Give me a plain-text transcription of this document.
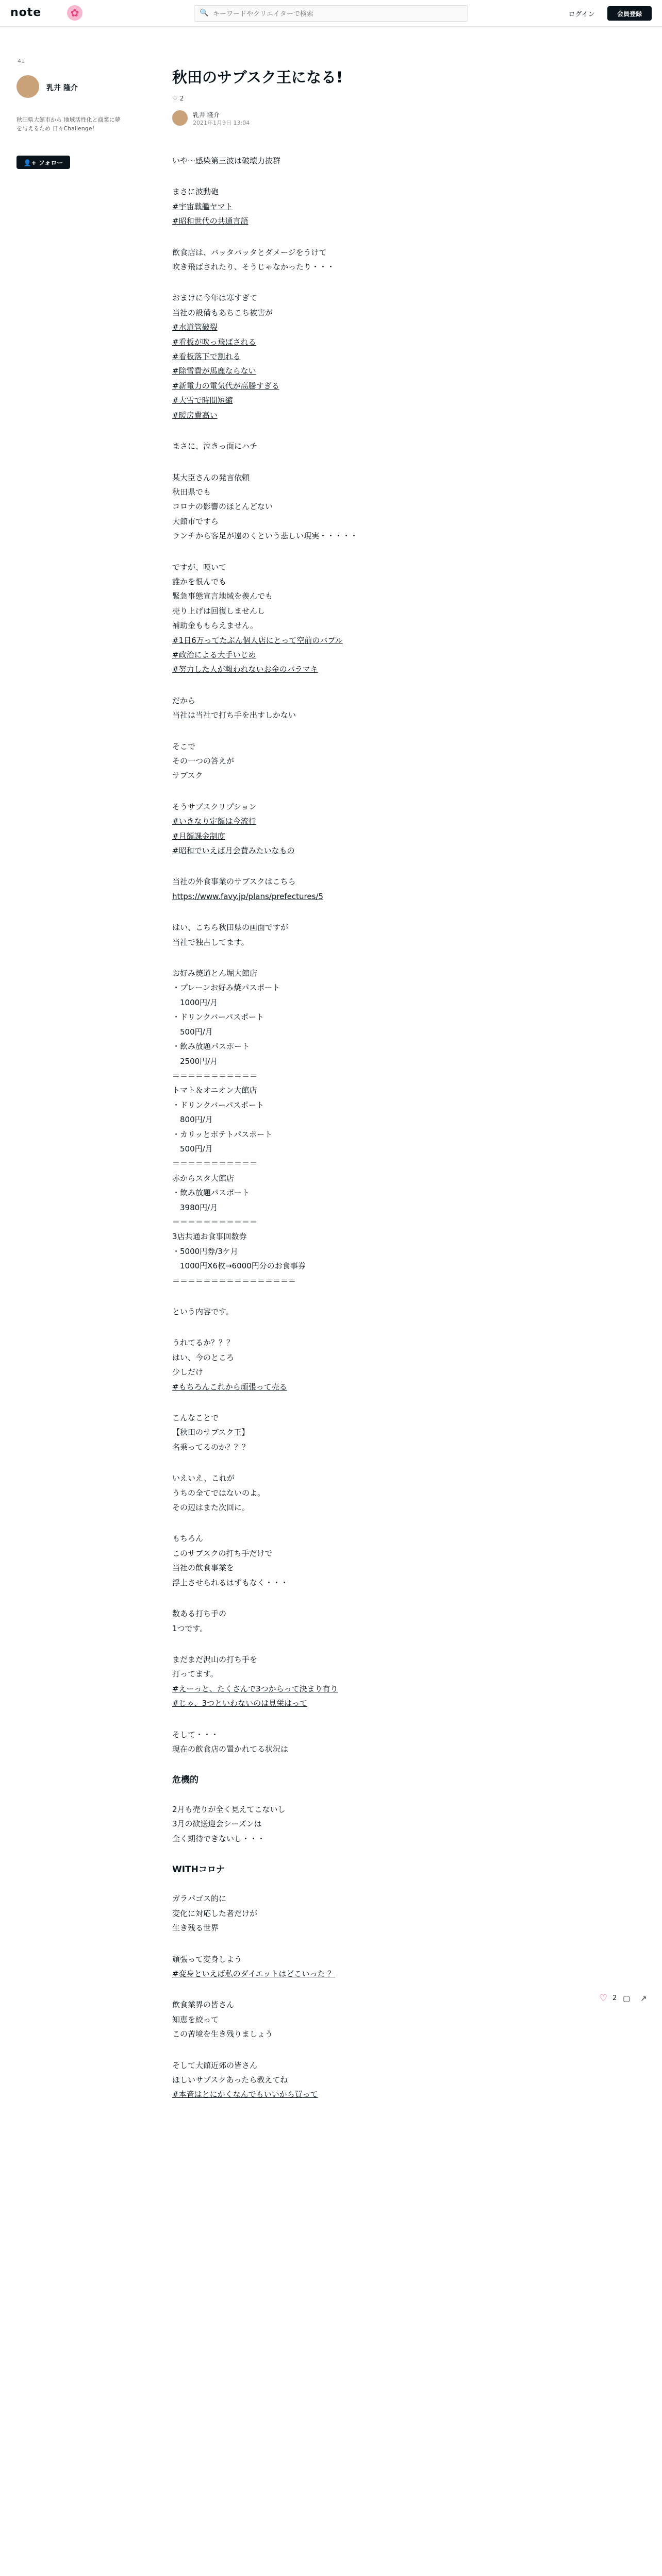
note	✿	🔍
キーワードやクリエイターで検索	ログイン	会員登録
41
乳井 隆介
秋田県大館市から 地域活性化と商業に夢を与えるため 日々Challenge！
👤+ フォロー
秋田のサブスク王になる!
♡ 2
乳井 隆介
2021年1月9日 13:04
いや〜感染第三波は破壊力抜群
まさに波動砲
#宇宙戦艦ヤマト
#昭和世代の共通言語
飲食店は、バッタバッタとダメージをうけて
吹き飛ばされたり、そうじゃなかったり・・・
おまけに今年は寒すぎて
当社の設備もあちこち被害が
#水道管破裂
#看板が吹っ飛ばされる
#看板落下で割れる
#除雪費が馬鹿ならない
#新電力の電気代が高騰すぎる
#大雪で時間短縮
#暖房費高い
まさに、泣きっ面にハチ
某大臣さんの発言依頼
秋田県でも
コロナの影響のほとんどない
大館市ですら
ランチから客足が遠のくという悲しい現実・・・・・
ですが、嘆いて
誰かを恨んでも
緊急事態宣言地域を羨んでも
売り上げは回復しませんし
補助金ももらえません。
#1日6万ってたぶん個人店にとって空前のバブル
#政治による大手いじめ
#努力した人が報われないお金のバラマキ
だから
当社は当社で打ち手を出すしかない
そこで
その一つの答えが
サブスク
そうサブスクリプション
#いきなり定額は今流行
#月額課金制度
#昭和でいえば月会費みたいなもの
当社の外食事業のサブスクはこちら
https://www.favy.jp/plans/prefectures/5
はい、こちら秋田県の画面ですが
当社で独占してます。
お好み焼道とん堀大館店
・プレーンお好み焼パスポート
　1000円/月
・ドリンクバーパスポート
　500円/月
・飲み放題パスポート
　2500円/月
＝＝＝＝＝＝＝＝＝＝＝
トマト＆オニオン大館店
・ドリンクバーパスポート
　800円/月
・カリッとポテトパスポート
　500円/月
＝＝＝＝＝＝＝＝＝＝＝
赤からスタ大館店
・飲み放題パスポート
　3980円/月
＝＝＝＝＝＝＝＝＝＝＝
3店共通お食事回数券
・5000円券/3ケ月
　1000円X6枚→6000円分のお食事券
＝＝＝＝＝＝＝＝＝＝＝＝＝＝＝＝
という内容です。
うれてるか？？？
はい、今のところ
少しだけ
#もちろんこれから頑張って売る
こんなことで
【秋田のサブスク王】
名乗ってるのか？？？
いえいえ、これが
うちの全てではないのよ。
その辺はまた次回に。
もちろん
このサブスクの打ち手だけで
当社の飲食事業を
浮上させられるはずもなく・・・
数ある打ち手の
1つです。
まだまだ沢山の打ち手を
打ってます。
#えーっと、たくさんで3つからって決まり有り
#じゃ、3つといわないのは見栄はって
そして・・・
現在の飲食店の置かれてる状況は
危機的
2月も売りが全く見えてこないし
3月の歓送迎会シーズンは
全く期待できないし・・・
WITHコロナ
ガラパゴス的に
変化に対応した者だけが
生き残る世界
頑張って変身しよう
#変身といえば私のダイエットはどこいった ？
飲食業界の皆さん
知恵を絞って
この苦境を生き残りましょう
そして大館近郊の皆さん
ほしいサブスクあったら教えてね
#本音はとにかくなんでもいいから買って

♡ 2 ▢ ↗
